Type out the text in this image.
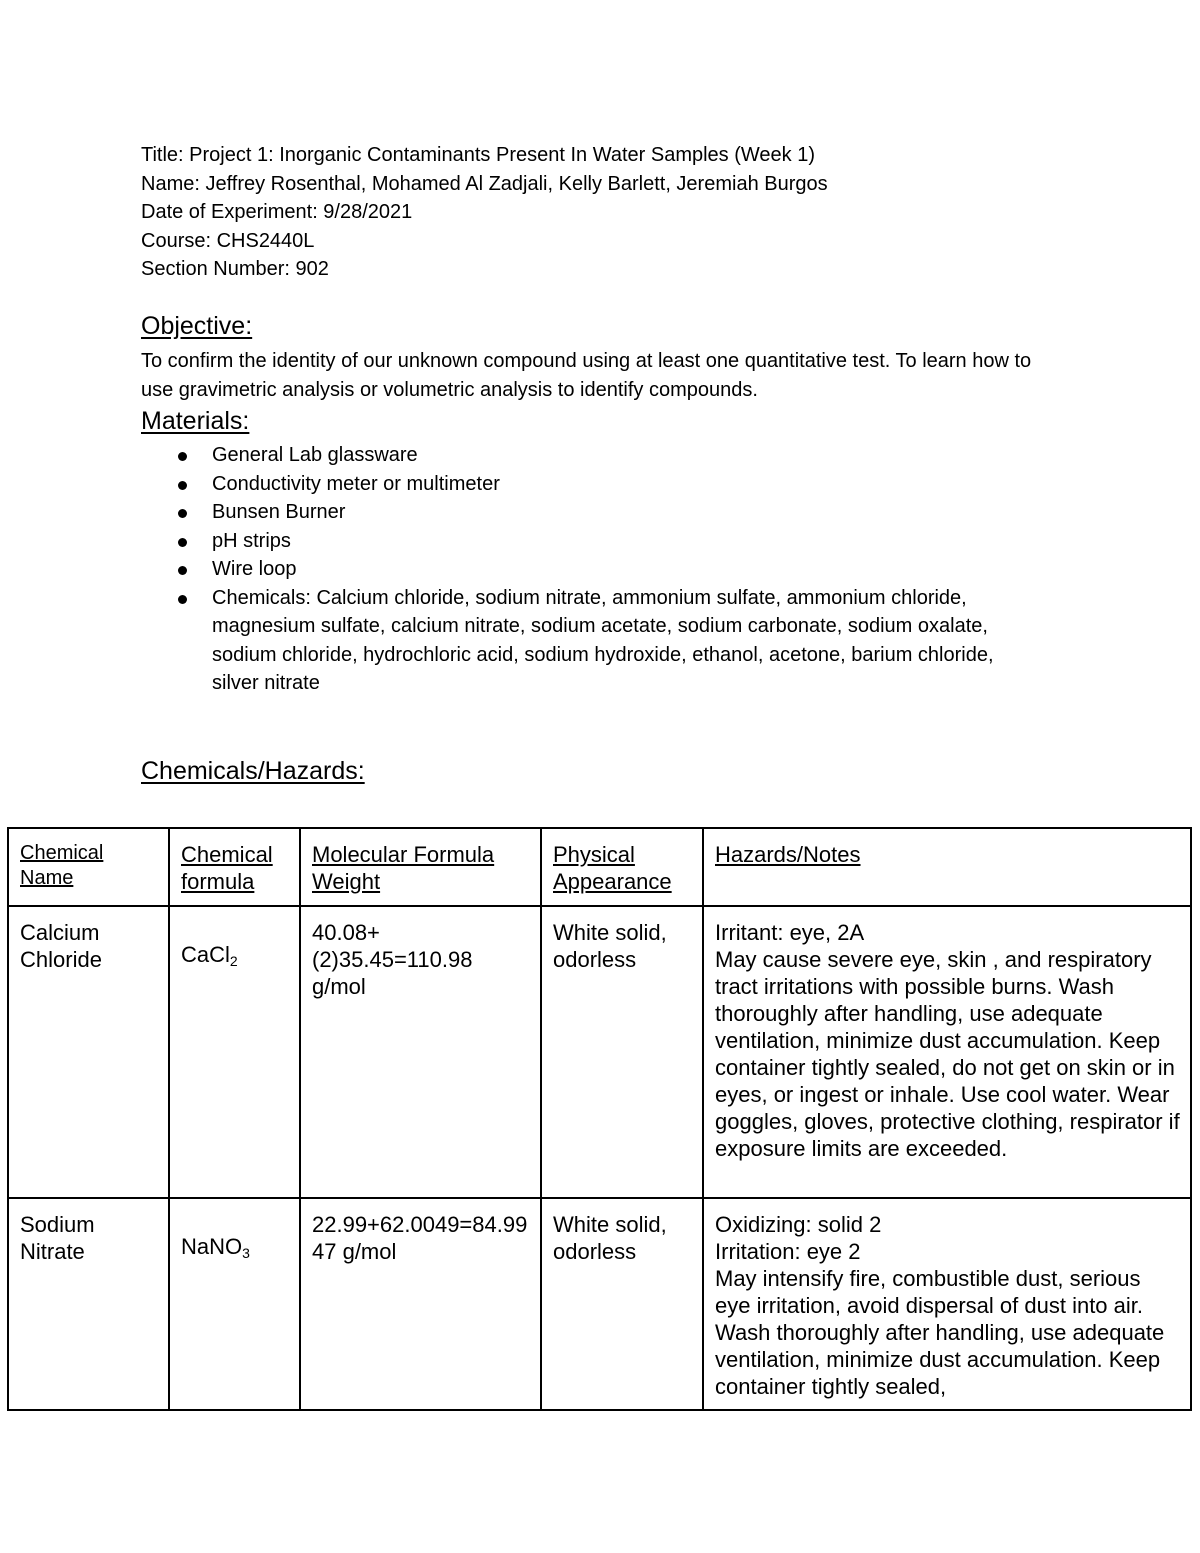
Title: Project 1: Inorganic Contaminants Present In Water Samples (Week 1)
Name: Jeffrey Rosenthal, Mohamed Al Zadjali, Kelly Barlett, Jeremiah Burgos
Date of Experiment: 9/28/2021
Course: CHS2440L
Section Number: 902
Objective:
To confirm the identity of our unknown compound using at least one quantitative test. To learn how to use gravimetric analysis or volumetric analysis to identify compounds.
Materials:
General Lab glassware
Conductivity meter or multimeter
Bunsen Burner
pH strips
Wire loop
Chemicals: Calcium chloride, sodium nitrate, ammonium sulfate, ammonium chloride, magnesium sulfate, calcium nitrate, sodium acetate, sodium carbonate, sodium oxalate, sodium chloride, hydrochloric acid, sodium hydroxide, ethanol, acetone, barium chloride, silver nitrate
Chemicals/Hazards:
Chemical Name	Chemical formula	Molecular Formula Weight	Physical Appearance	Hazards/Notes
Calcium Chloride	CaCl$_2$	40.08+(2)35.45=110.98 g/mol	White solid, odorless	Irritant: eye, 2A
May cause severe eye, skin , and respiratory tract irritations with possible burns. Wash thoroughly after handling, use adequate ventilation, minimize dust accumulation. Keep container tightly sealed, do not get on skin or in eyes, or ingest or inhale. Use cool water. Wear goggles, gloves, protective clothing, respirator if exposure limits are exceeded.

Sodium Nitrate	NaNO$_3$	22.99+62.0049=84.9947 g/mol	White solid, odorless	Oxidizing: solid 2
Irritation: eye 2
May intensify fire, combustible dust, serious eye irritation, avoid dispersal of dust into air. Wash thoroughly after handling, use adequate ventilation, minimize dust accumulation. Keep container tightly sealed,
